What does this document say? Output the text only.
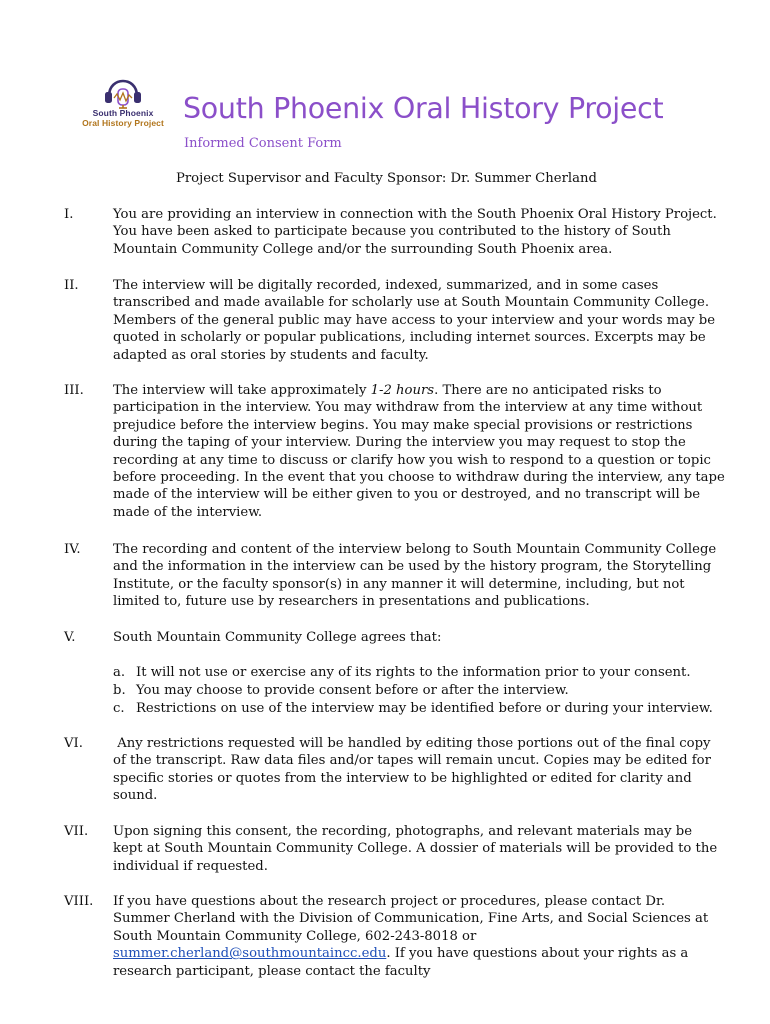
South Phoenix
Oral History Project South Phoenix Oral History Project
Informed Consent Form
Project Supervisor and Faculty Sponsor: Dr. Summer Cherland
I.	You are providing an interview in connection with the South Phoenix Oral History Project. You have been asked to participate because you contributed to the history of South Mountain Community College and/or the surrounding South Phoenix area.
II.	The interview will be digitally recorded, indexed, summarized, and in some cases transcribed and made available for scholarly use at South Mountain Community College. Members of the general public may have access to your interview and your words may be quoted in scholarly or popular publications, including internet sources. Excerpts may be adapted as oral stories by students and faculty.
III. The interview will take approximately 1-2 hours. There are no anticipated risks to participation in the interview. You may withdraw from the interview at any time without prejudice before the interview begins. You may make special provisions or restrictions during the taping of your interview. During the interview you may request to stop the recording at any time to discuss or clarify how you wish to respond to a question or topic before proceeding. In the event that you choose to withdraw during the interview, any tape made of the interview will be either given to you or destroyed, and no transcript will be made of the interview.
IV. The recording and content of the interview belong to South Mountain Community College and the information in the interview can be used by the history program, the Storytelling Institute, or the faculty sponsor(s) in any manner it will determine, including, but not limited to, future use by researchers in presentations and publications.
V.	South Mountain Community College agrees that:
a. It will not use or exercise any of its rights to the information prior to your consent.
b. You may choose to provide consent before or after the interview.
c. Restrictions on use of the interview may be identified before or during your interview.
VI. Any restrictions requested will be handled by editing those portions out of the final copy of the transcript. Raw data files and/or tapes will remain uncut. Copies may be edited for specific stories or quotes from the interview to be highlighted or edited for clarity and sound.
VII. Upon signing this consent, the recording, photographs, and relevant materials may be kept at South Mountain Community College. A dossier of materials will be provided to the individual if requested.
VIII. If you have questions about the research project or procedures, please contact Dr. Summer Cherland with the Division of Communication, Fine Arts, and Social Sciences at South Mountain Community College, 602-243-8018 or summer.cherland@southmountaincc.edu. If you have questions about your rights as a research participant, please contact the faculty
